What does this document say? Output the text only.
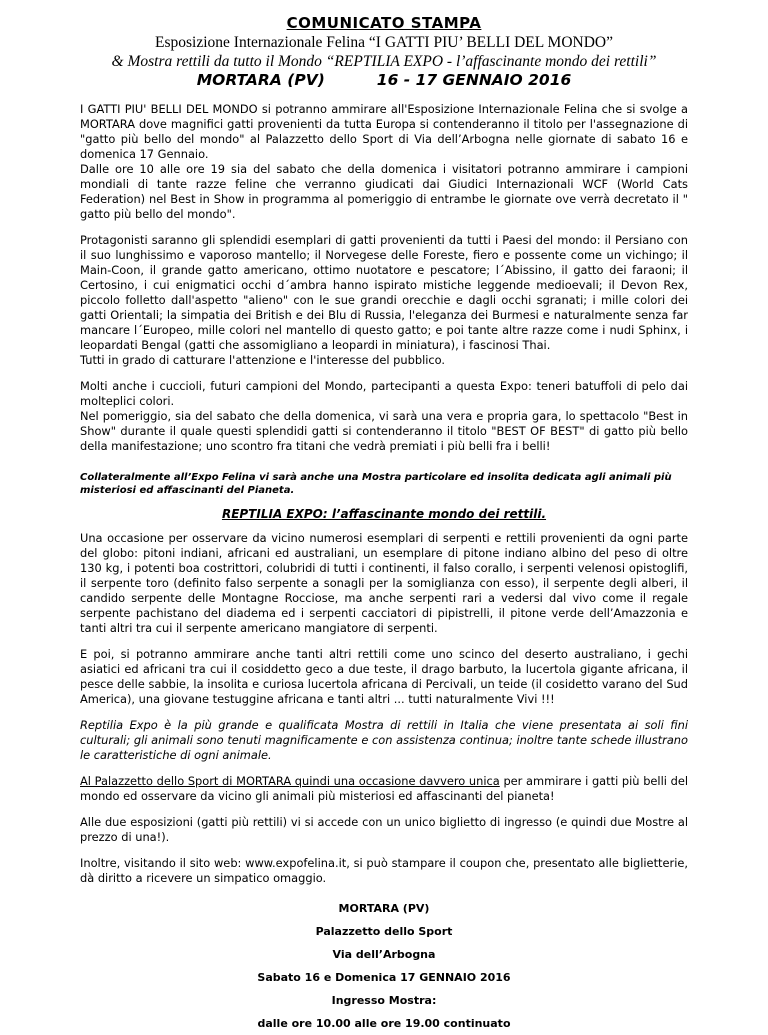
COMUNICATO STAMPA
Esposizione Internazionale Felina “I GATTI PIU’ BELLI DEL MONDO”
& Mostra rettili da tutto il Mondo “REPTILIA EXPO - l’affascinante mondo dei rettili”
MORTARA (PV)	16 - 17 GENNAIO 2016

I GATTI PIU' BELLI DEL MONDO si potranno ammirare all'Esposizione Internazionale Felina che si svolge a MORTARA dove magnifici gatti provenienti da tutta Europa si contenderanno il titolo per l'assegnazione di "gatto più bello del mondo" al Palazzetto dello Sport di Via dell’Arbogna nelle giornate di sabato 16 e domenica 17 Gennaio.
Dalle ore 10 alle ore 19 sia del sabato che della domenica i visitatori potranno ammirare i campioni mondiali di tante razze feline che verranno giudicati dai Giudici Internazionali WCF (World Cats Federation) nel Best in Show in programma al pomeriggio di entrambe le giornate ove verrà decretato il " gatto più bello del mondo".

Protagonisti saranno gli splendidi esemplari di gatti provenienti da tutti i Paesi del mondo: il Persiano con il suo lunghissimo e vaporoso mantello; il Norvegese delle Foreste, fiero e possente come un vichingo; il Main-Coon, il grande gatto americano, ottimo nuotatore e pescatore; l´Abissino, il gatto dei faraoni; il Certosino, i cui enigmatici occhi d´ambra hanno ispirato mistiche leggende medioevali; il Devon Rex, piccolo folletto dall'aspetto "alieno" con le sue grandi orecchie e dagli occhi sgranati; i mille colori dei gatti Orientali; la simpatia dei British e dei Blu di Russia, l'eleganza dei Burmesi e naturalmente senza far mancare l´Europeo, mille colori nel mantello di questo gatto; e poi tante altre razze come i nudi Sphinx, i leopardati Bengal (gatti che assomigliano a leopardi in miniatura), i fascinosi Thai.
Tutti in grado di catturare l'attenzione e l'interesse del pubblico.

Molti anche i cuccioli, futuri campioni del Mondo, partecipanti a questa Expo: teneri batuffoli di pelo dai molteplici colori.
Nel pomeriggio, sia del sabato che della domenica, vi sarà una vera e propria gara, lo spettacolo "Best in Show" durante il quale questi splendidi gatti si contenderanno il titolo "BEST OF BEST" di gatto più bello della manifestazione; uno scontro fra titani che vedrà premiati i più belli fra i belli!

Collateralmente all’Expo Felina vi sarà anche una Mostra particolare ed insolita dedicata agli animali più misteriosi ed affascinanti del Pianeta.

REPTILIA EXPO: l’affascinante mondo dei rettili.

Una occasione per osservare da vicino numerosi esemplari di serpenti e rettili provenienti da ogni parte del globo: pitoni indiani, africani ed australiani, un esemplare di pitone indiano albino del peso di oltre 130 kg, i potenti boa costrittori, colubridi di tutti i continenti, il falso corallo, i serpenti velenosi opistoglifi, il serpente toro (definito falso serpente a sonagli per la somiglianza con esso), il serpente degli alberi, il candido serpente delle Montagne Rocciose, ma anche serpenti rari a vedersi dal vivo come il regale serpente pachistano del diadema ed i serpenti cacciatori di pipistrelli, il pitone verde dell’Amazzonia e tanti altri tra cui il serpente americano mangiatore di serpenti.

E poi, si potranno ammirare anche tanti altri rettili come uno scinco del deserto australiano, i gechi asiatici ed africani tra cui il cosiddetto geco a due teste, il drago barbuto, la lucertola gigante africana, il pesce delle sabbie, la insolita e curiosa lucertola africana di Percivali, un teide (il cosidetto varano del Sud America), una giovane testuggine africana e tanti altri ... tutti naturalmente Vivi !!!

Reptilia Expo è la più grande e qualificata Mostra di rettili in Italia che viene presentata ai soli fini culturali; gli animali sono tenuti magnificamente e con assistenza continua; inoltre tante schede illustrano le caratteristiche di ogni animale.

Al Palazzetto dello Sport di MORTARA quindi una occasione davvero unica per ammirare i gatti più belli del mondo ed osservare da vicino gli animali più misteriosi ed affascinanti del pianeta!

Alle due esposizioni (gatti più rettili) vi si accede con un unico biglietto di ingresso (e quindi due Mostre al prezzo di una!).

Inoltre, visitando il sito web: www.expofelina.it, si può stampare il coupon che, presentato alle biglietterie, dà diritto a ricevere un simpatico omaggio.

MORTARA (PV)
Palazzetto dello Sport
Via dell’Arbogna
Sabato 16 e Domenica 17 GENNAIO 2016
Ingresso Mostra:
dalle ore 10.00 alle ore 19.00 continuato
